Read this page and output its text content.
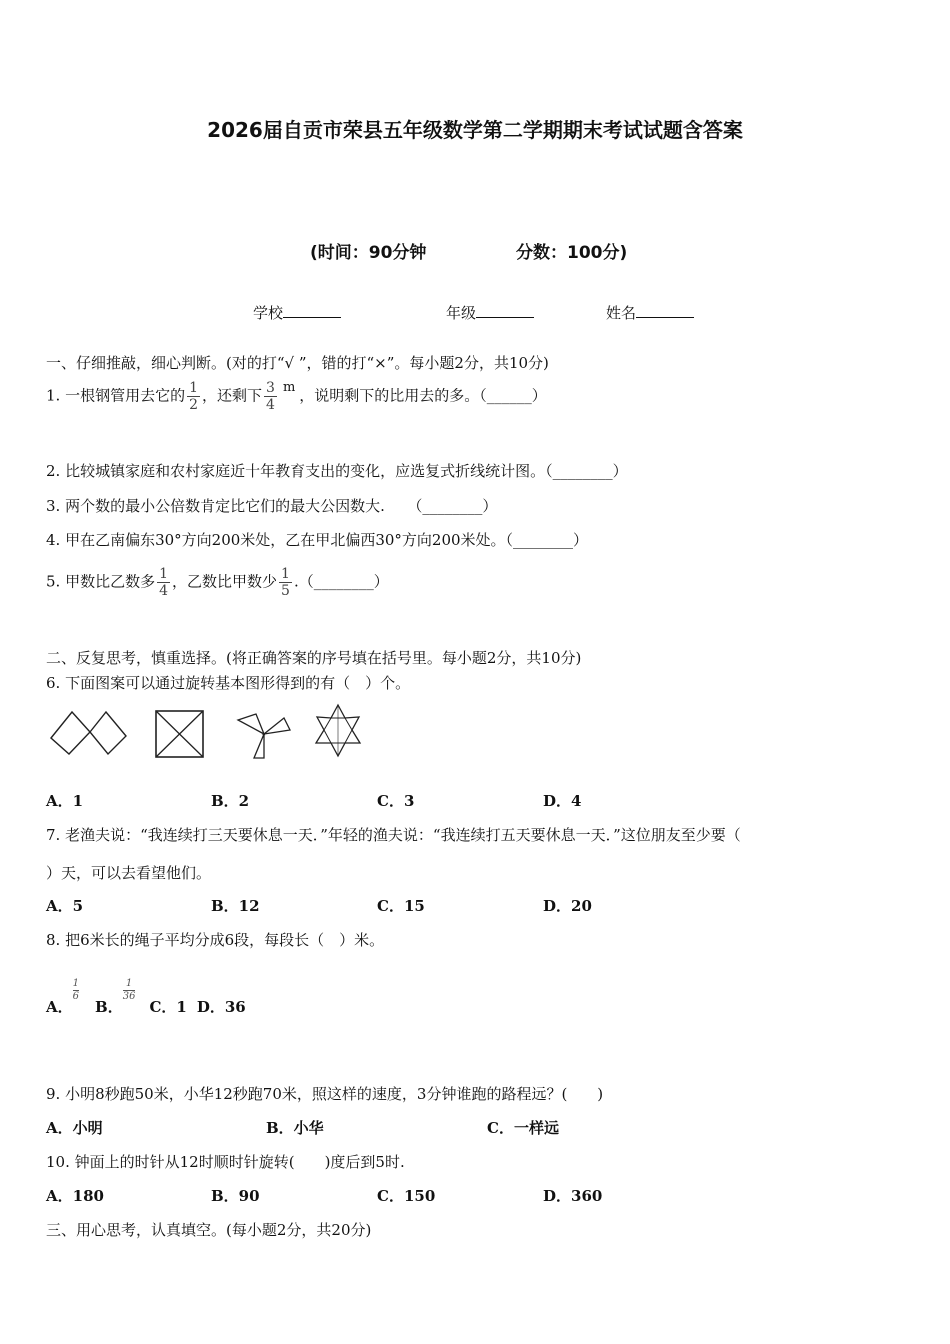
2026届自贡市荣县五年级数学第二学期期末考试试题含答案
(时间：90分钟	分数：100分)
学校	年级	姓名
一、仔细推敲，细心判断。(对的打“√ ”，错的打“×”。每小题2分，共10分)
1. 一根钢管用去它的 $\frac{1}{2}$ ，还剩下 $\frac{3}{4}$ m ，说明剩下的比用去的多。（______）
2. 比较城镇家庭和农村家庭近十年教育支出的变化，应选复式折线统计图。（________）
3. 两个数的最小公倍数肯定比它们的最大公因数大.　　（________）
4. 甲在乙南偏东30°方向200米处，乙在甲北偏西30°方向200米处。（________）
5. 甲数比乙数多 $\frac{1}{4}$ ，乙数比甲数少 $\frac{1}{5}$ .（________）
二、反复思考，慎重选择。(将正确答案的序号填在括号里。每小题2分，共10分)
6. 下面图案可以通过旋转基本图形得到的有（　）个。
A．1	B．2	C．3	D．4
7. 老渔夫说：“我连续打三天要休息一天．”年轻的渔夫说：“我连续打五天要休息一天．”这位朋友至少要（
）天，可以去看望他们。
A．5	B．12	C．15	D．20
8. 把6米长的绳子平均分成6段，每段长（　）米。
A．$\frac{1}{6}$
B．$\frac{1}{36}$
C．1 D．36
9. 小明8秒跑50米，小华12秒跑70米，照这样的速度，3分钟谁跑的路程远？(　　)
A．小明	B．小华	C．一样远
10. 钟面上的时针从12时顺时针旋转(　　)度后到5时.
A．180	B．90	C．150	D．360
三、用心思考，认真填空。(每小题2分，共20分)
